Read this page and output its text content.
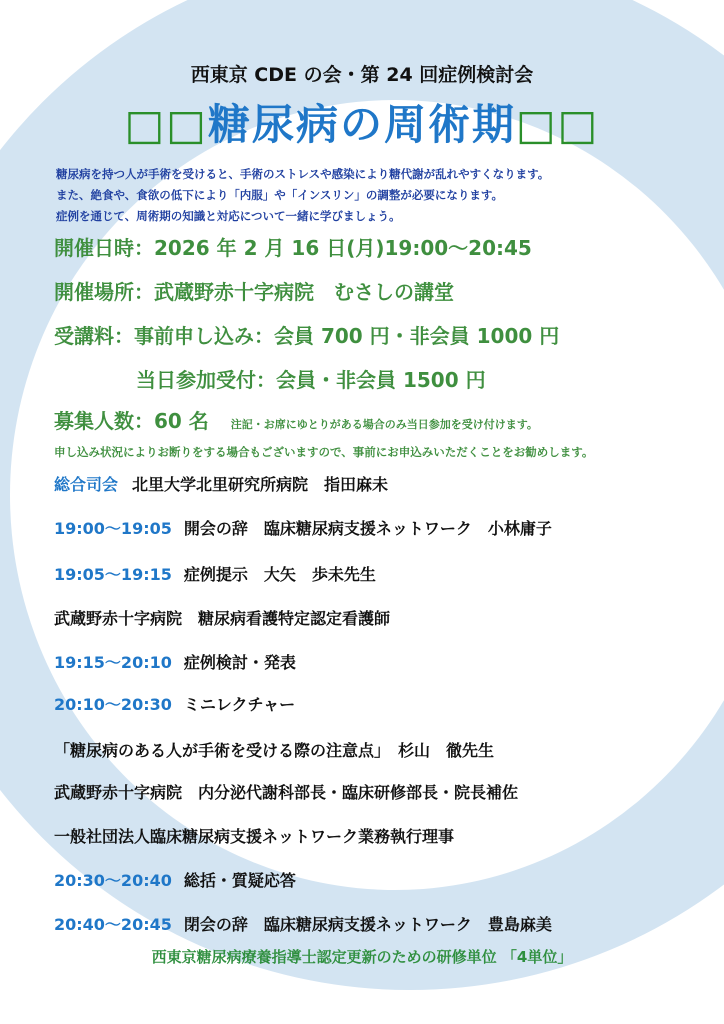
西東京 CDE の会・第 24 回症例検討会
□□糖尿病の周術期□□
糖尿病を持つ人が手術を受けると、手術のストレスや感染により糖代謝が乱れやすくなります。
また、絶食や、食欲の低下により「内服」や「インスリン」の調整が必要になります。
症例を通じて、周術期の知識と対応について一緒に学びましょう。
開催日時：2026 年 2 月 16 日(月)19:00～20:45
開催場所：武蔵野赤十字病院　むさしの講堂
受講料：事前申し込み：会員 700 円・非会員 1000 円
当日参加受付：会員・非会員 1500 円
募集人数：60 名 注記・お席にゆとりがある場合のみ当日参加を受け付けます。
申し込み状況によりお断りをする場合もございますので、事前にお申込みいただくことをお勧めします。
総合司会 北里大学北里研究所病院　指田麻未
19:00～19:05 開会の辞　臨床糖尿病支援ネットワーク　小林庸子
19:05～19:15 症例提示　大矢　歩未先生
武蔵野赤十字病院　糖尿病看護特定認定看護師
19:15～20:10 症例検討・発表
20:10～20:30 ミニレクチャー
「糖尿病のある人が手術を受ける際の注意点」　杉山　徹先生
武蔵野赤十字病院　内分泌代謝科部長・臨床研修部長・院長補佐
一般社団法人臨床糖尿病支援ネットワーク業務執行理事
20:30～20:40 総括・質疑応答
20:40～20:45 閉会の辞　臨床糖尿病支援ネットワーク　豊島麻美
西東京糖尿病療養指導士認定更新のための研修単位 「4単位」
